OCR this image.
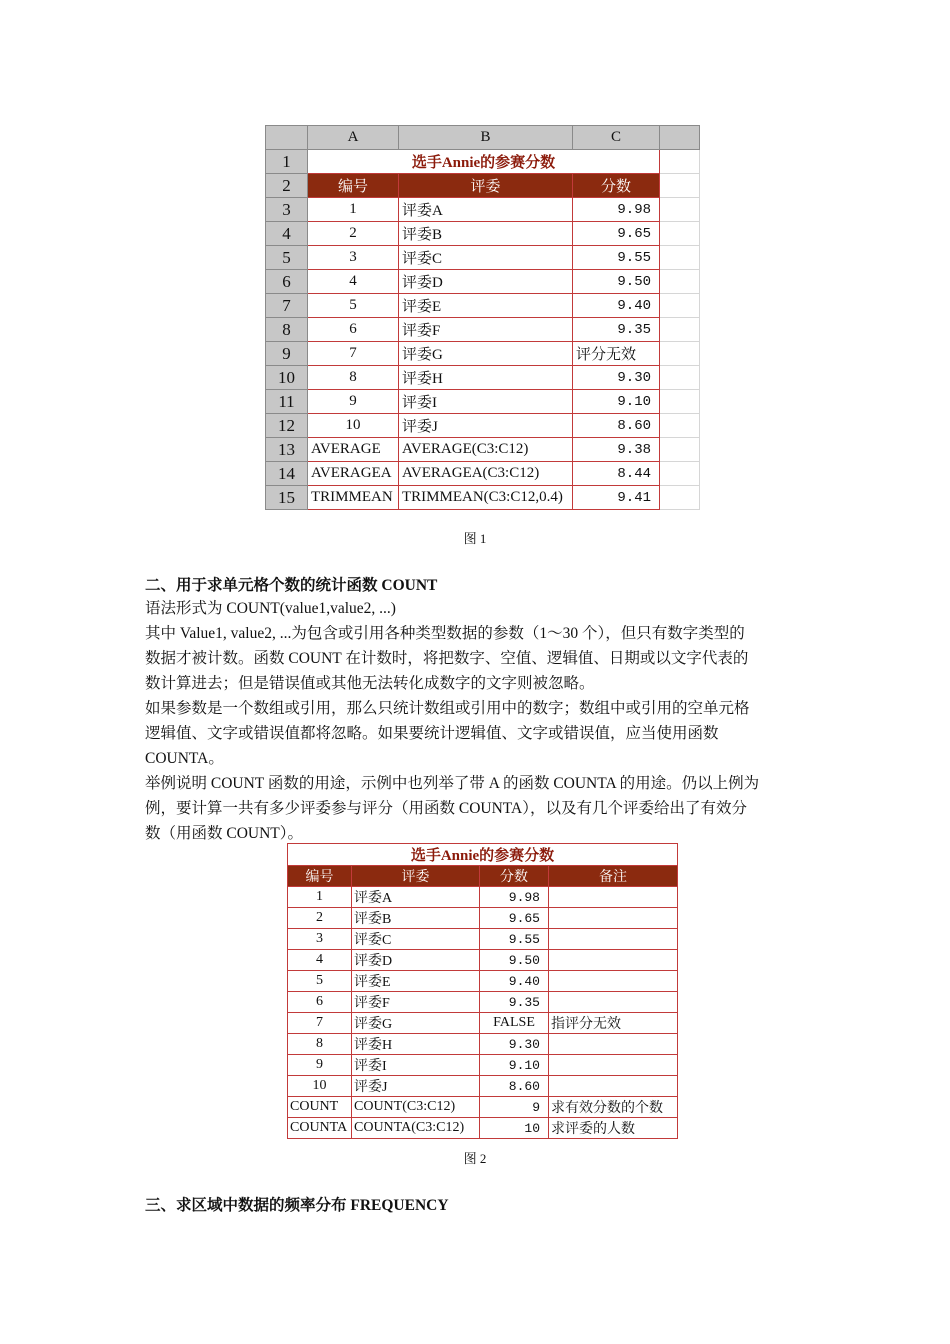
	A	B	C	
1	选手Annie的参赛分数			
2	编号	评委	分数	
3	1	评委A	9.98	
4	2	评委B	9.65	
5	3	评委C	9.55	
6	4	评委D	9.50	
7	5	评委E	9.40	
8	6	评委F	9.35	
9	7	评委G	评分无效	
10	8	评委H	9.30	
11	9	评委I	9.10	
12	10	评委J	8.60	
13	AVERAGE	AVERAGE(C3:C12)	9.38	
14	AVERAGEA	AVERAGEA(C3:C12)	8.44	
15	TRIMMEAN	TRIMMEAN(C3:C12,0.4)	9.41	
图 1
二、用于求单元格个数的统计函数 COUNT
语法形式为 COUNT(value1,value2, ...)
其中 Value1, value2, ...为包含或引用各种类型数据的参数（1～30 个），但只有数字类型的
数据才被计数。函数 COUNT 在计数时，将把数字、空值、逻辑值、日期或以文字代表的
数计算进去；但是错误值或其他无法转化成数字的文字则被忽略。
如果参数是一个数组或引用，那么只统计数组或引用中的数字；数组中或引用的空单元格
逻辑值、文字或错误值都将忽略。如果要统计逻辑值、文字或错误值，应当使用函数
COUNTA。
举例说明 COUNT 函数的用途，示例中也列举了带 A 的函数 COUNTA 的用途。仍以上例为
例，要计算一共有多少评委参与评分（用函数 COUNTA），以及有几个评委给出了有效分
数（用函数 COUNT）。
选手Annie的参赛分数			
编号	评委	分数	备注
1	评委A	9.98	
2	评委B	9.65	
3	评委C	9.55	
4	评委D	9.50	
5	评委E	9.40	
6	评委F	9.35	
7	评委G	FALSE	指评分无效
8	评委H	9.30	
9	评委I	9.10	
10	评委J	8.60	
COUNT	COUNT(C3:C12)	9	求有效分数的个数
COUNTA	COUNTA(C3:C12)	10	求评委的人数
图 2
三、求区域中数据的频率分布 FREQUENCY
